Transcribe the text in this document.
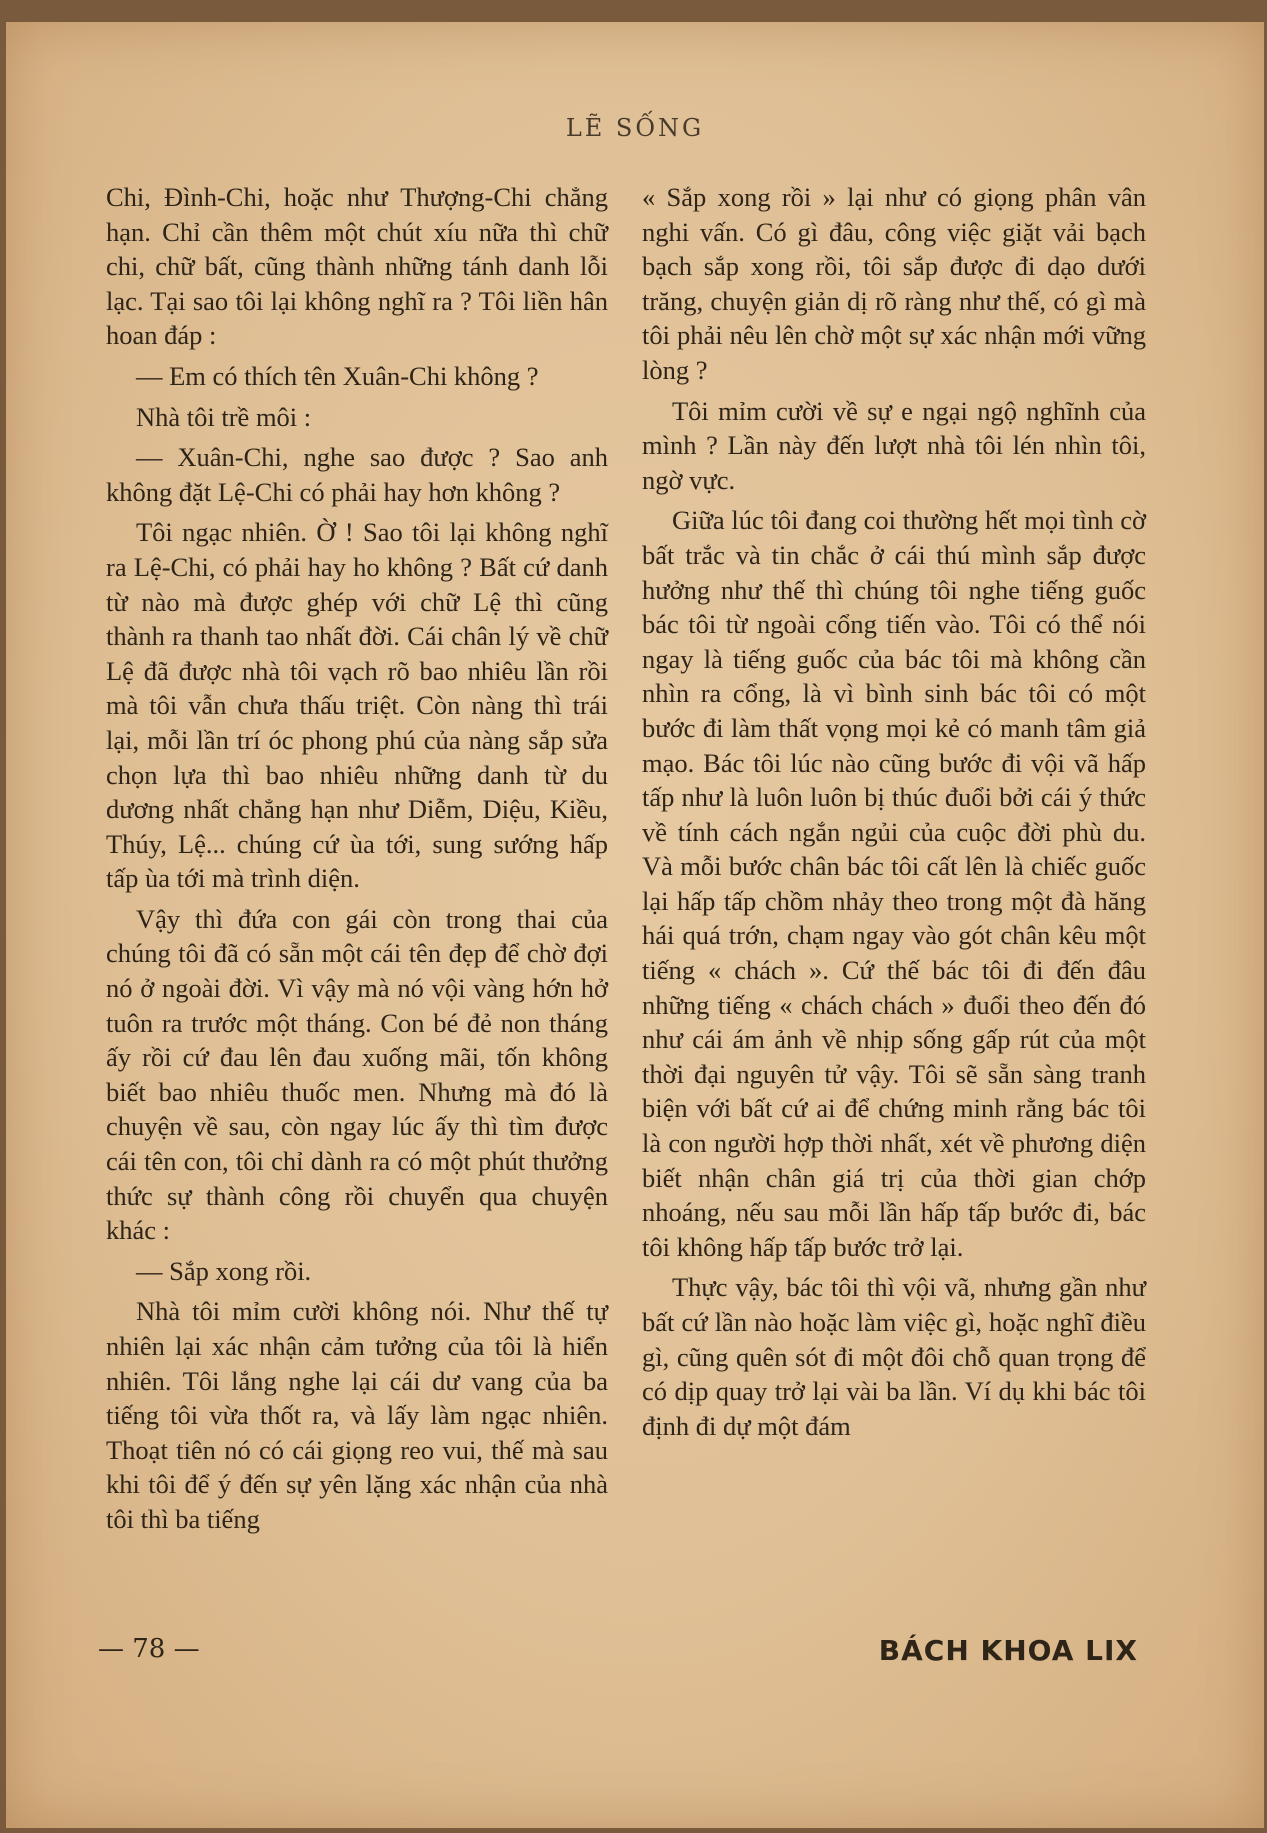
LẼ SỐNG

Chi, Đình-Chi, hoặc như Thượng-Chi chẳng hạn. Chỉ cần thêm một chút xíu nữa thì chữ chi, chữ bất, cũng thành những tánh danh lỗi lạc. Tại sao tôi lại không nghĩ ra ? Tôi liền hân hoan đáp :

— Em có thích tên Xuân-Chi không ?

Nhà tôi trề môi :

— Xuân-Chi, nghe sao được ? Sao anh không đặt Lệ-Chi có phải hay hơn không ?

Tôi ngạc nhiên. Ờ ! Sao tôi lại không nghĩ ra Lệ-Chi, có phải hay ho không ? Bất cứ danh từ nào mà được ghép với chữ Lệ thì cũng thành ra thanh tao nhất đời. Cái chân lý về chữ Lệ đã được nhà tôi vạch rõ bao nhiêu lần rồi mà tôi vẫn chưa thấu triệt. Còn nàng thì trái lại, mỗi lần trí óc phong phú của nàng sắp sửa chọn lựa thì bao nhiêu những danh từ du dương nhất chẳng hạn như Diễm, Diệu, Kiều, Thúy, Lệ... chúng cứ ùa tới, sung sướng hấp tấp ùa tới mà trình diện.

Vậy thì đứa con gái còn trong thai của chúng tôi đã có sẵn một cái tên đẹp để chờ đợi nó ở ngoài đời. Vì vậy mà nó vội vàng hớn hở tuôn ra trước một tháng. Con bé đẻ non tháng ấy rồi cứ đau lên đau xuống mãi, tốn không biết bao nhiêu thuốc men. Nhưng mà đó là chuyện về sau, còn ngay lúc ấy thì tìm được cái tên con, tôi chỉ dành ra có một phút thưởng thức sự thành công rồi chuyển qua chuyện khác :

— Sắp xong rồi.

Nhà tôi mỉm cười không nói. Như thế tự nhiên lại xác nhận cảm tưởng của tôi là hiển nhiên. Tôi lắng nghe lại cái dư vang của ba tiếng tôi vừa thốt ra, và lấy làm ngạc nhiên. Thoạt tiên nó có cái giọng reo vui, thế mà sau khi tôi để ý đến sự yên lặng xác nhận của nhà tôi thì ba tiếng

« Sắp xong rồi » lại như có giọng phân vân nghi vấn. Có gì đâu, công việc giặt vải bạch bạch sắp xong rồi, tôi sắp được đi dạo dưới trăng, chuyện giản dị rõ ràng như thế, có gì mà tôi phải nêu lên chờ một sự xác nhận mới vững lòng ?

Tôi mỉm cười về sự e ngại ngộ nghĩnh của mình ? Lần này đến lượt nhà tôi lén nhìn tôi, ngờ vực.

Giữa lúc tôi đang coi thường hết mọi tình cờ bất trắc và tin chắc ở cái thú mình sắp được hưởng như thế thì chúng tôi nghe tiếng guốc bác tôi từ ngoài cổng tiến vào. Tôi có thể nói ngay là tiếng guốc của bác tôi mà không cần nhìn ra cổng, là vì bình sinh bác tôi có một bước đi làm thất vọng mọi kẻ có manh tâm giả mạo. Bác tôi lúc nào cũng bước đi vội vã hấp tấp như là luôn luôn bị thúc đuổi bởi cái ý thức về tính cách ngắn ngủi của cuộc đời phù du. Và mỗi bước chân bác tôi cất lên là chiếc guốc lại hấp tấp chồm nhảy theo trong một đà hăng hái quá trớn, chạm ngay vào gót chân kêu một tiếng « chách ». Cứ thế bác tôi đi đến đâu những tiếng « chách chách » đuổi theo đến đó như cái ám ảnh về nhịp sống gấp rút của một thời đại nguyên tử vậy. Tôi sẽ sẵn sàng tranh biện với bất cứ ai để chứng minh rằng bác tôi là con người hợp thời nhất, xét về phương diện biết nhận chân giá trị của thời gian chớp nhoáng, nếu sau mỗi lần hấp tấp bước đi, bác tôi không hấp tấp bước trở lại.

Thực vậy, bác tôi thì vội vã, nhưng gần như bất cứ lần nào hoặc làm việc gì, hoặc nghĩ điều gì, cũng quên sót đi một đôi chỗ quan trọng để có dịp quay trở lại vài ba lần. Ví dụ khi bác tôi định đi dự một đám

— 78 —	BÁCH KHOA LIX
